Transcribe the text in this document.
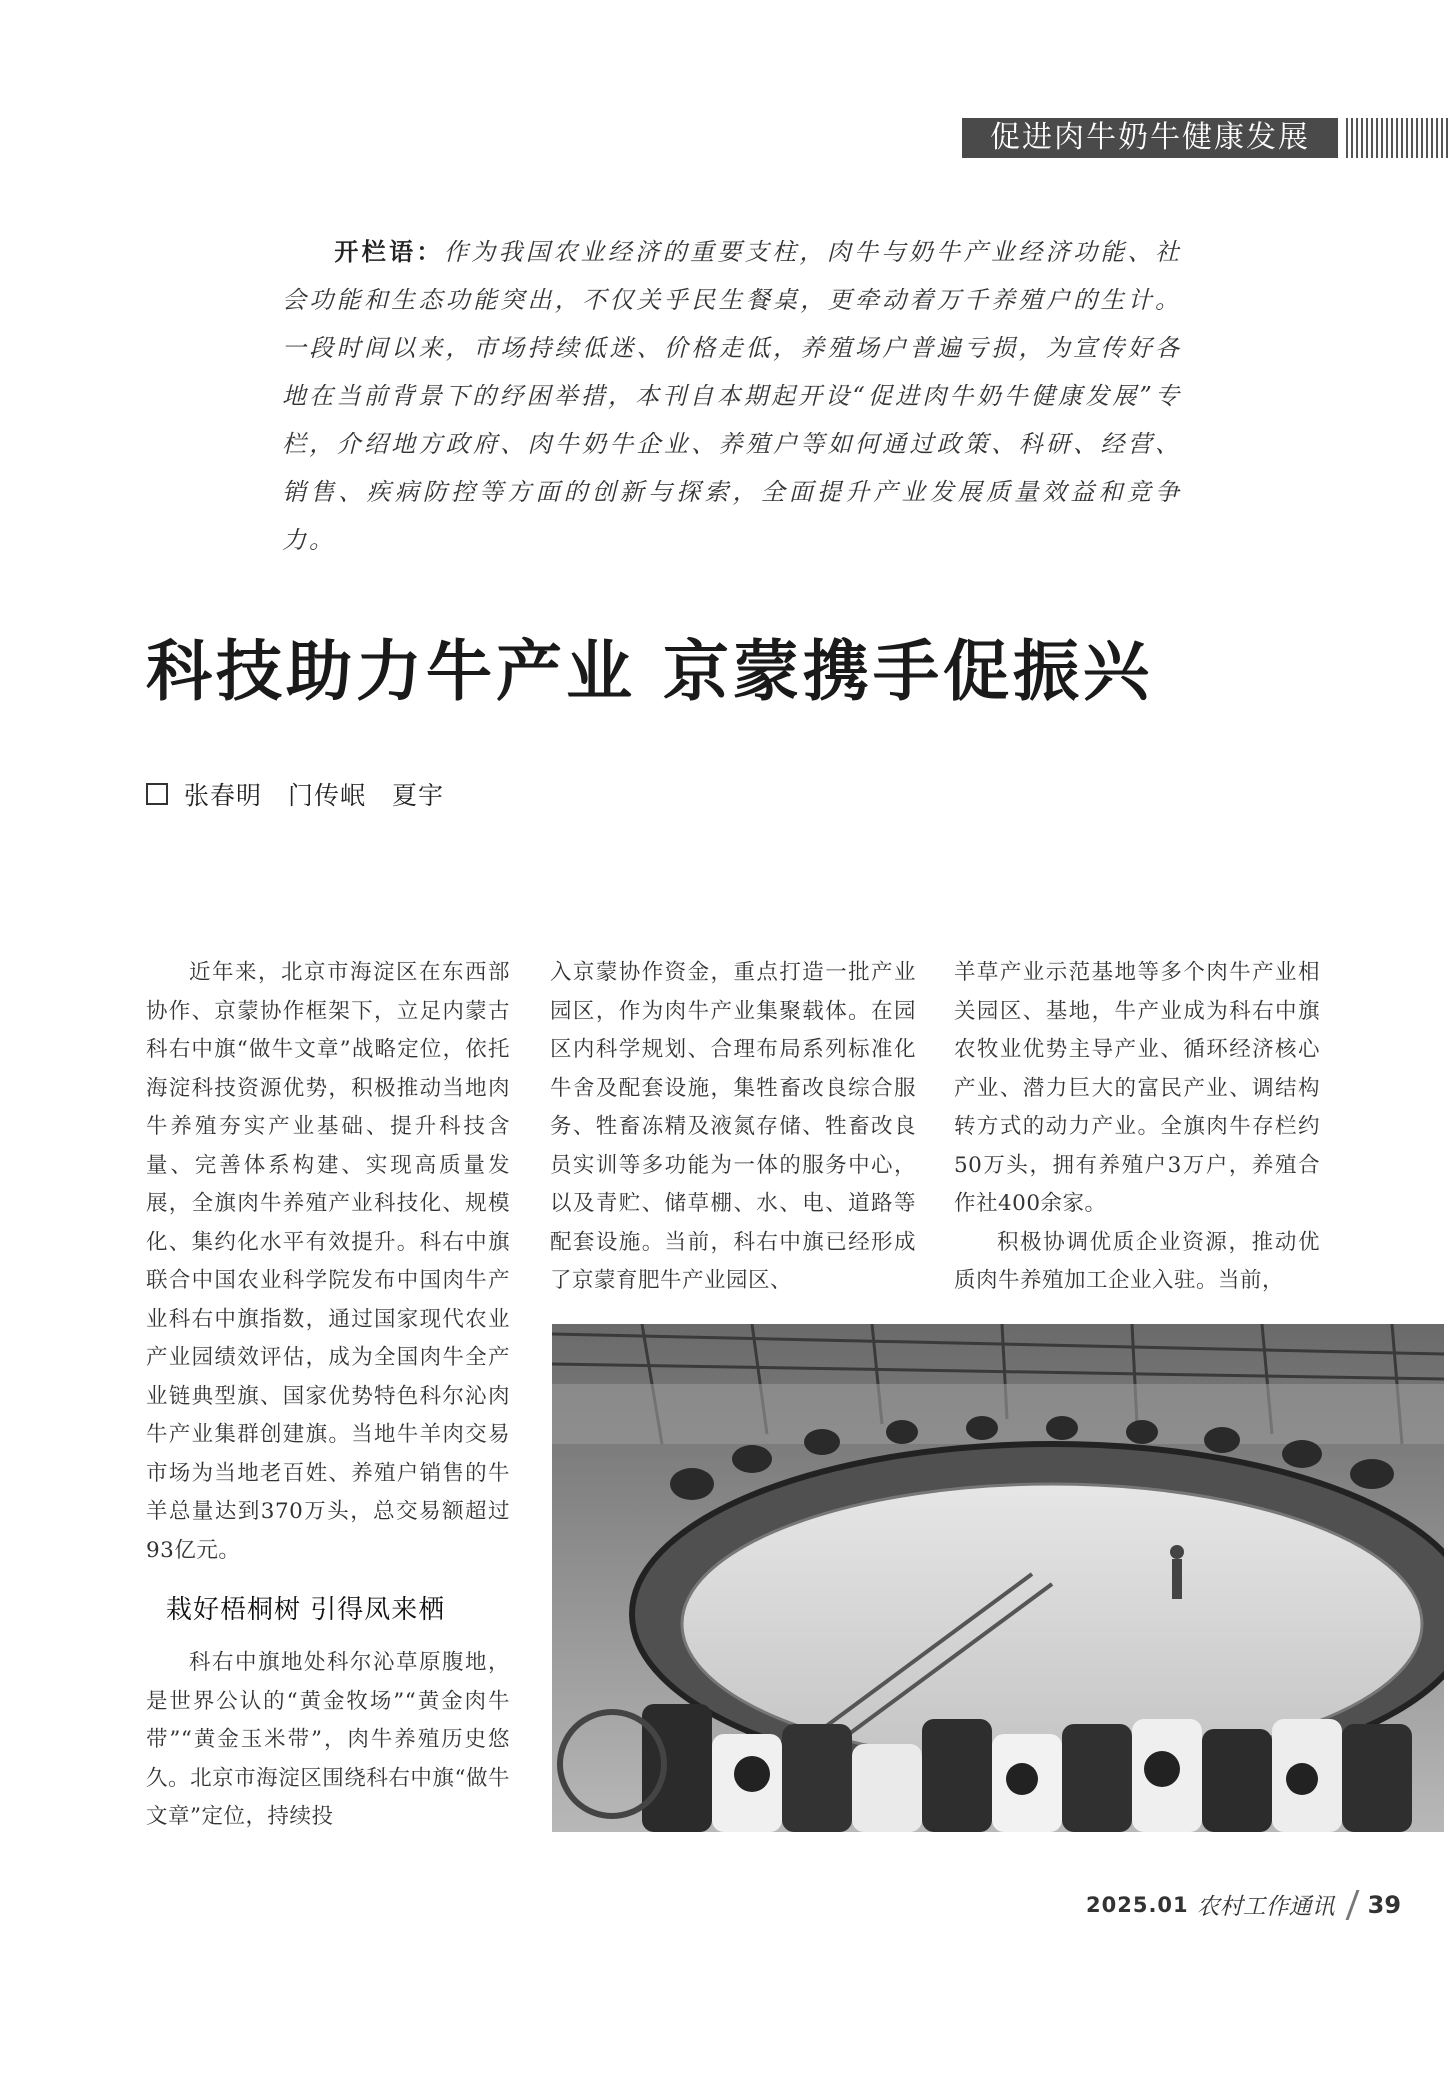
促进肉牛奶牛健康发展
开栏语：作为我国农业经济的重要支柱，肉牛与奶牛产业经济功能、社会功能和生态功能突出，不仅关乎民生餐桌，更牵动着万千养殖户的生计。一段时间以来，市场持续低迷、价格走低，养殖场户普遍亏损，为宣传好各地在当前背景下的纾困举措，本刊自本期起开设“促进肉牛奶牛健康发展”专栏，介绍地方政府、肉牛奶牛企业、养殖户等如何通过政策、科研、经营、销售、疾病防控等方面的创新与探索，全面提升产业发展质量效益和竞争力。
科技助力牛产业 京蒙携手促振兴
张春明 门传岷 夏宇

近年来，北京市海淀区在东西部协作、京蒙协作框架下，立足内蒙古科右中旗“做牛文章”战略定位，依托海淀科技资源优势，积极推动当地肉牛养殖夯实产业基础、提升科技含量、完善体系构建、实现高质量发展，全旗肉牛养殖产业科技化、规模化、集约化水平有效提升。科右中旗联合中国农业科学院发布中国肉牛产业科右中旗指数，通过国家现代农业产业园绩效评估，成为全国肉牛全产业链典型旗、国家优势特色科尔沁肉牛产业集群创建旗。当地牛羊肉交易市场为当地老百姓、养殖户销售的牛羊总量达到370万头，总交易额超过93亿元。

栽好梧桐树 引得凤来栖

科右中旗地处科尔沁草原腹地，是世界公认的“黄金牧场”“黄金肉牛带”“黄金玉米带”，肉牛养殖历史悠久。北京市海淀区围绕科右中旗“做牛文章”定位，持续投

入京蒙协作资金，重点打造一批产业园区，作为肉牛产业集聚载体。在园区内科学规划、合理布局系列标准化牛舍及配套设施，集牲畜改良综合服务、牲畜冻精及液氮存储、牲畜改良员实训等多功能为一体的服务中心，以及青贮、储草棚、水、电、道路等配套设施。当前，科右中旗已经形成了京蒙育肥牛产业园区、

羊草产业示范基地等多个肉牛产业相关园区、基地，牛产业成为科右中旗农牧业优势主导产业、循环经济核心产业、潜力巨大的富民产业、调结构转方式的动力产业。全旗肉牛存栏约50万头，拥有养殖户3万户，养殖合作社400余家。

积极协调优质企业资源，推动优质肉牛养殖加工企业入驻。当前，

2025.01 农村工作通讯 39
